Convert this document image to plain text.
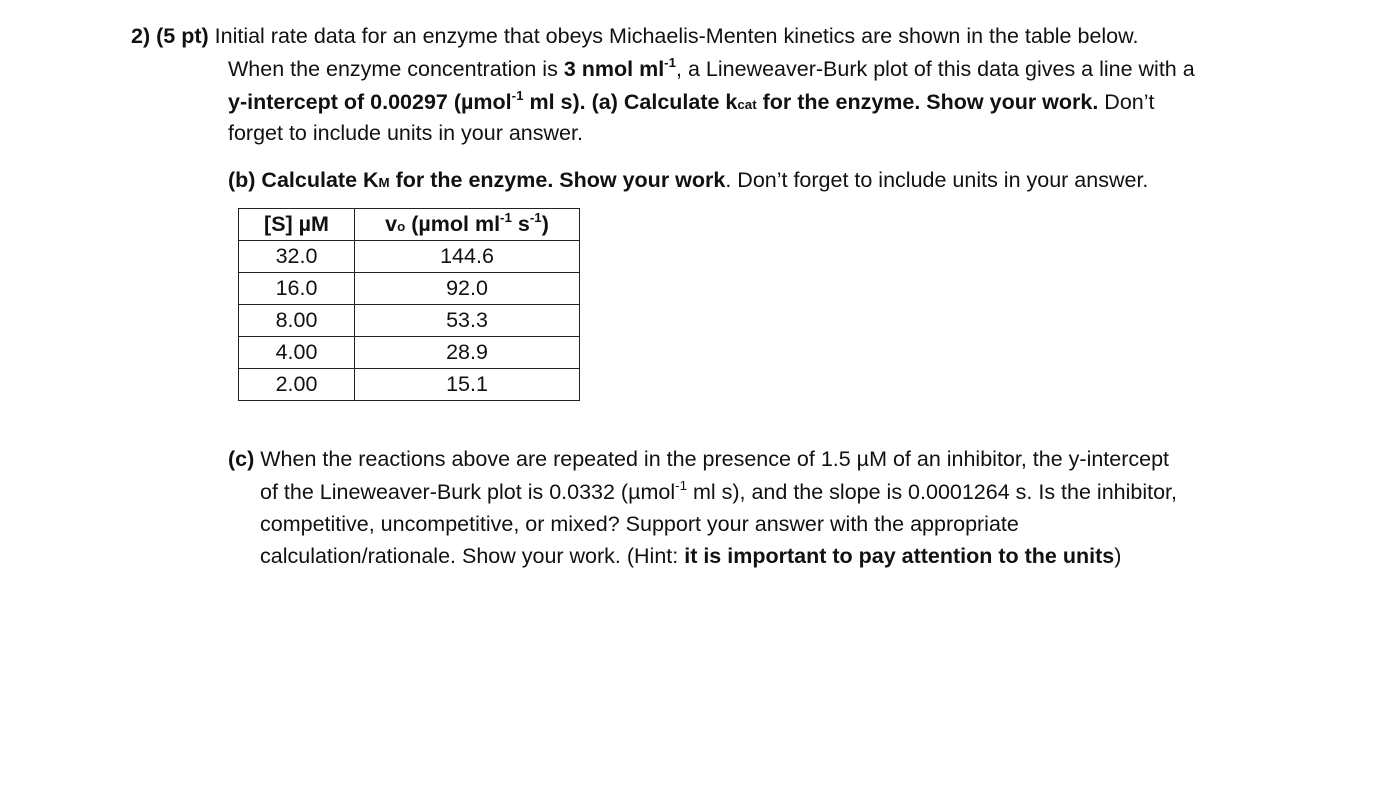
2) (5 pt) Initial rate data for an enzyme that obeys Michaelis-Menten kinetics are shown in the table below.
When the enzyme concentration is 3 nmol $ml^{-1}$, a Lineweaver-Burk plot of this data gives a line with a
y-intercept of 0.00297 (µmol$^{-1}$ ml s). (a) Calculate $k_{cat}$ for the enzyme. Show your work. Don’t
forget to include units in your answer.
(b) Calculate $K_M$ for the enzyme. Show your work. Don’t forget to include units in your answer.
[S] µM	$v_o$ (µmol $ml^{-1}$ $s^{-1}$)
32.0	144.6
16.0	92.0
8.00	53.3
4.00	28.9
2.00	15.1
(c) When the reactions above are repeated in the presence of 1.5 µM of an inhibitor, the y-intercept
of the Lineweaver-Burk plot is 0.0332 (µmol$^{-1}$ ml s), and the slope is 0.0001264 s. Is the inhibitor,
competitive, uncompetitive, or mixed? Support your answer with the appropriate
calculation/rationale. Show your work. (Hint: it is important to pay attention to the units)
